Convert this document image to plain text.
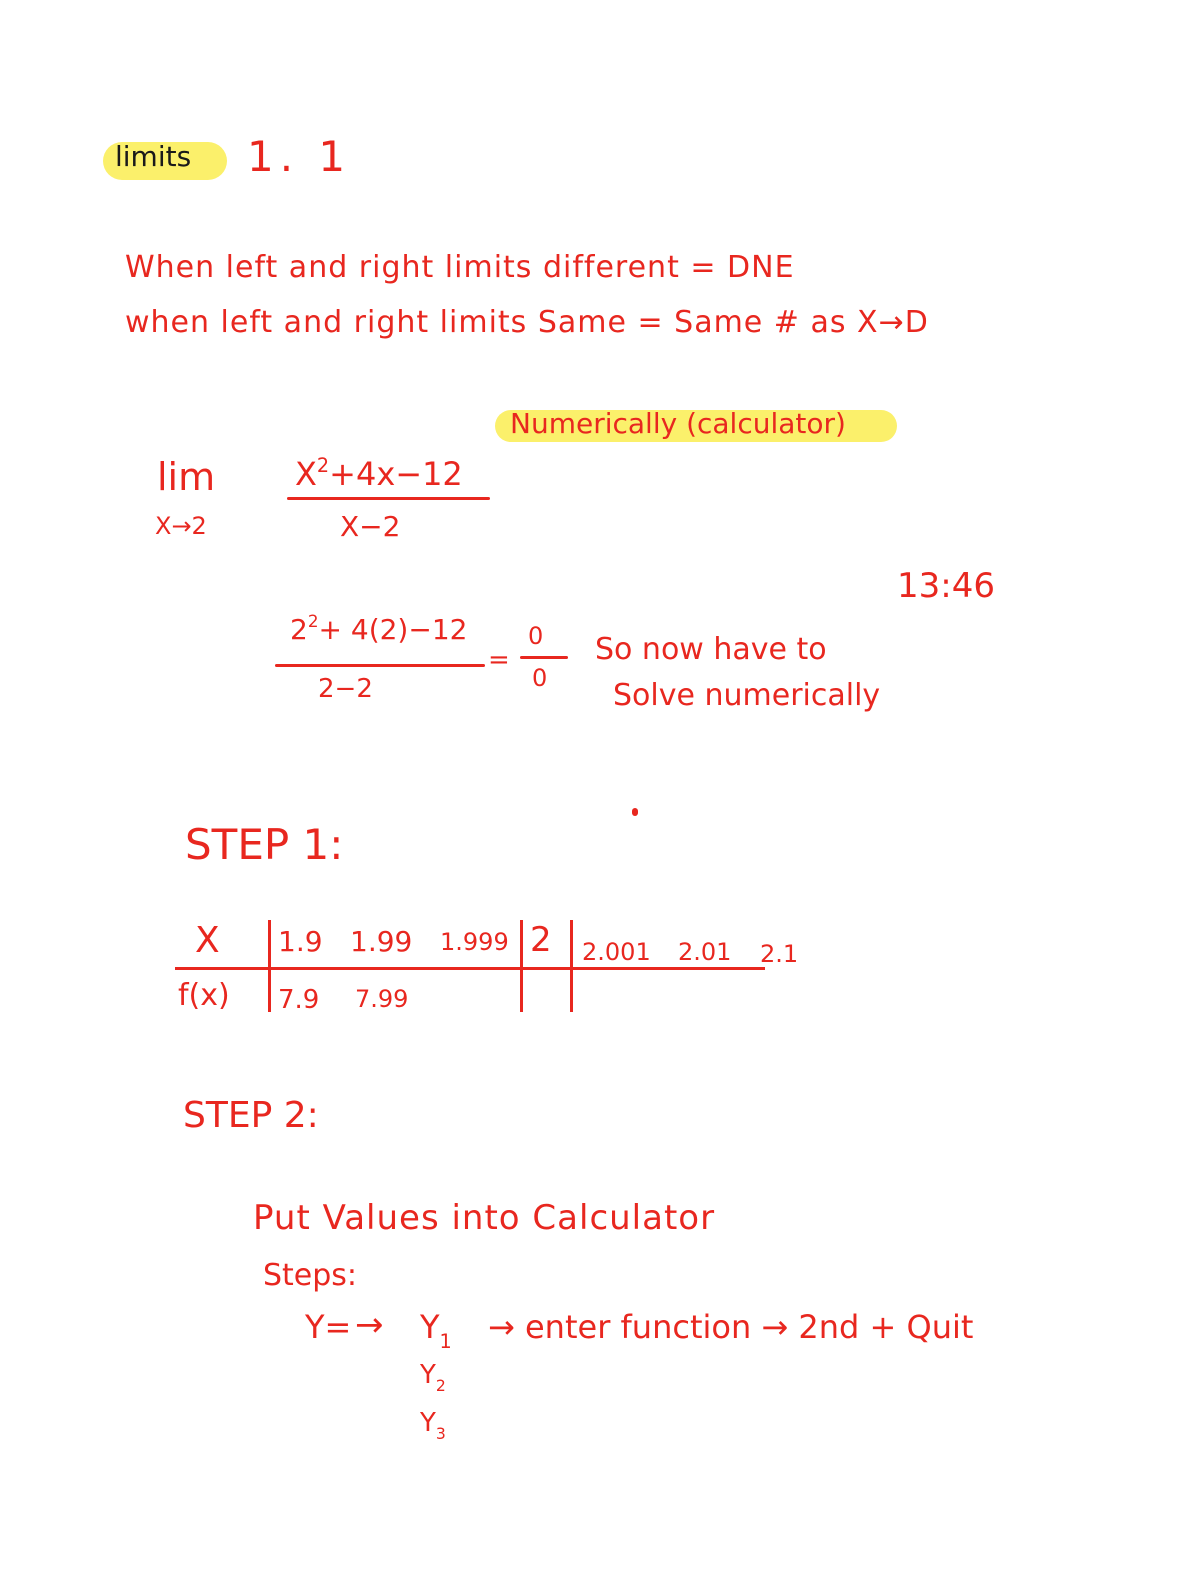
limits 1. 1
When left and right limits different = DNE
when left and right limits Same = Same # as X→D
Numerically (calculator)
lim
X→2
$X^2+4x-12$
X−2
13:46
$2^2+ 4(2)-12$
2−2
=
0
0
So now have to
Solve numerically
STEP 1:
X
f(x)
1.9 1.99 1.999 2 2.001 2.01 2.1
7.9 7.99
STEP 2:
Put Values into Calculator
Steps:
$Y= \to Y_1$ → enter function → 2nd + Quit
$Y_2$
$Y_3$
